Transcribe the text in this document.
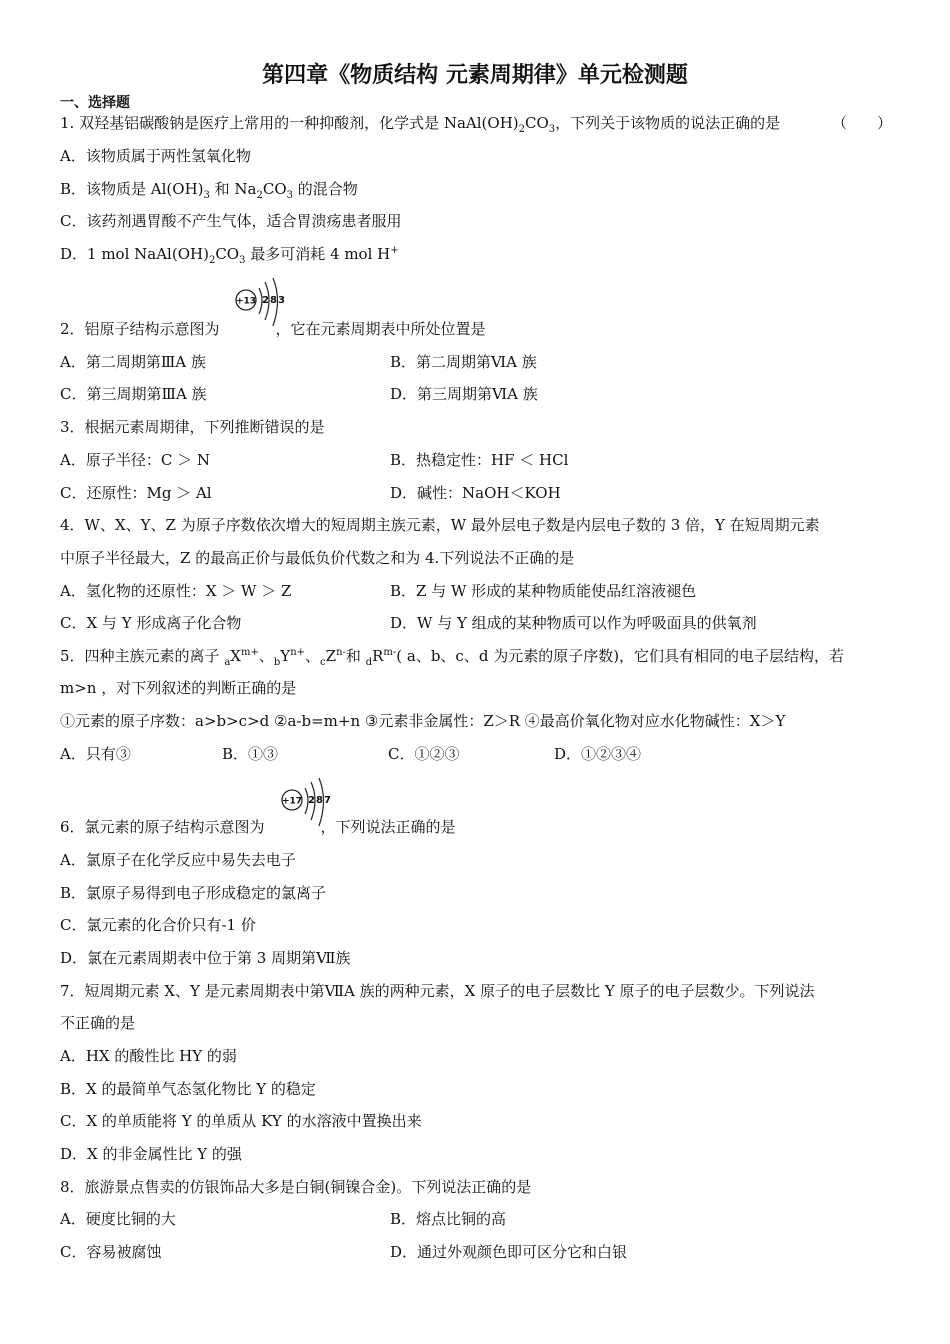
第四章《物质结构 元素周期律》单元检测题
一、选择题
1. 双羟基铝碳酸钠是医疗上常用的一种抑酸剂，化学式是 $NaAl(OH)_2CO_3$，下列关于该物质的说法正确的是	（　　）
A．该物质属于两性氢氧化物
B．该物质是 $Al(OH)_3$ 和 $Na_2CO_3$ 的混合物
C．该药剂遇胃酸不产生气体，适合胃溃疡患者服用
D．1 mol $NaAl(OH)_2CO_3$ 最多可消耗 4 mol H+
2．铝原子结构示意图为	，它在元素周期表中所处位置是
+13 2 8 3
A．第二周期第ⅢA 族	B．第二周期第ⅥA 族
C．第三周期第ⅢA 族	D．第三周期第ⅥA 族
3．根据元素周期律，下列推断错误的是
A．原子半径：C ＞ N	B．热稳定性：HF ＜ HCl
C．还原性：Mg ＞ Al	D．碱性：NaOH＜KOH
4．W、X、Y、Z 为原子序数依次增大的短周期主族元素，W 最外层电子数是内层电子数的 3 倍，Y 在短周期元素
中原子半径最大，Z 的最高正价与最低负价代数之和为 4.下列说法不正确的是
A．氢化物的还原性：X ＞ W ＞ Z	B．Z 与 W 形成的某种物质能使品红溶液褪色
C．X 与 Y 形成离子化合物	D．W 与 Y 组成的某种物质可以作为呼吸面具的供氧剂
5．四种主族元素的离子 $_aX^{m+}$、$_bY^{n+}$、$_cZ^{n-}$和 $_dR^{m-}$( a、b、c、d 为元素的原子序数)，它们具有相同的电子层结构，若
m>n ，对下列叙述的判断正确的是
①元素的原子序数：a>b>c>d ②a-b=m+n ③元素非金属性：Z＞R ④最高价氧化物对应水化物碱性：X＞Y
A．只有③	B．①③	C．①②③	D．①②③④
6．氯元素的原子结构示意图为	，下列说法正确的是
+17 2 8 7
A．氯原子在化学反应中易失去电子
B．氯原子易得到电子形成稳定的氯离子
C．氯元素的化合价只有-1 价
D．氯在元素周期表中位于第 3 周期第Ⅶ族
7．短周期元素 X、Y 是元素周期表中第ⅦA 族的两种元素，X 原子的电子层数比 Y 原子的电子层数少。下列说法
不正确的是
A．HX 的酸性比 HY 的弱
B．X 的最简单气态氢化物比 Y 的稳定
C．X 的单质能将 Y 的单质从 KY 的水溶液中置换出来
D．X 的非金属性比 Y 的强
8．旅游景点售卖的仿银饰品大多是白铜(铜镍合金)。下列说法正确的是
A．硬度比铜的大	B．熔点比铜的高
C．容易被腐蚀	D．通过外观颜色即可区分它和白银
